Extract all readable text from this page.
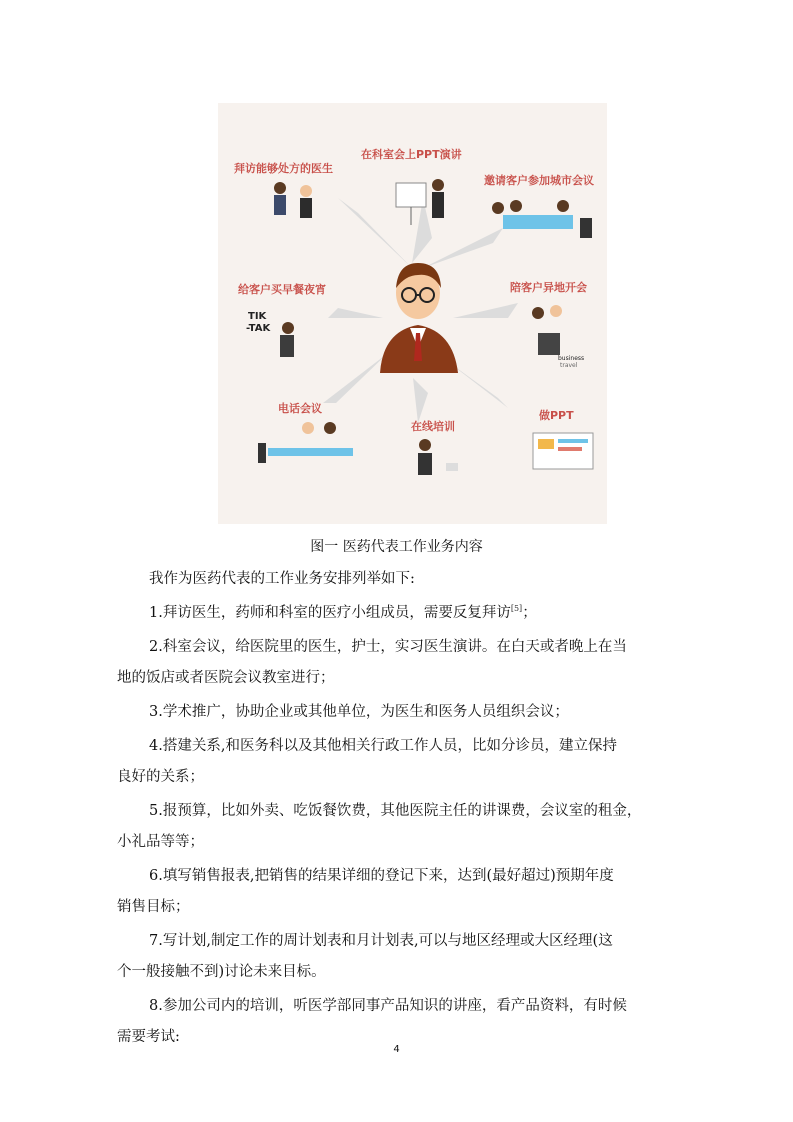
拜访能够处方的医生
在科室会上PPT演讲
邀请客户参加城市会议
给客户买早餐夜宵	陪客户异地开会
电话会议
在线培训
做PPT
TIK
-TAK
business
travel
图一 医药代表工作业务内容
我作为医药代表的工作业务安排列举如下:
1.拜访医生，药师和科室的医疗小组成员，需要反复拜访[5]；
2.科室会议，给医院里的医生，护士，实习医生演讲。在白天或者晚上在当
地的饭店或者医院会议教室进行；
3.学术推广，协助企业或其他单位，为医生和医务人员组织会议；
4.搭建关系,和医务科以及其他相关行政工作人员，比如分诊员，建立保持
良好的关系；
5.报预算，比如外卖、吃饭餐饮费，其他医院主任的讲课费，会议室的租金，
小礼品等等；
6.填写销售报表,把销售的结果详细的登记下来，达到(最好超过)预期年度
销售目标；
7.写计划,制定工作的周计划表和月计划表,可以与地区经理或大区经理(这
个一般接触不到)讨论未来目标。
8.参加公司内的培训，听医学部同事产品知识的讲座，看产品资料，有时候
需要考试:
4
